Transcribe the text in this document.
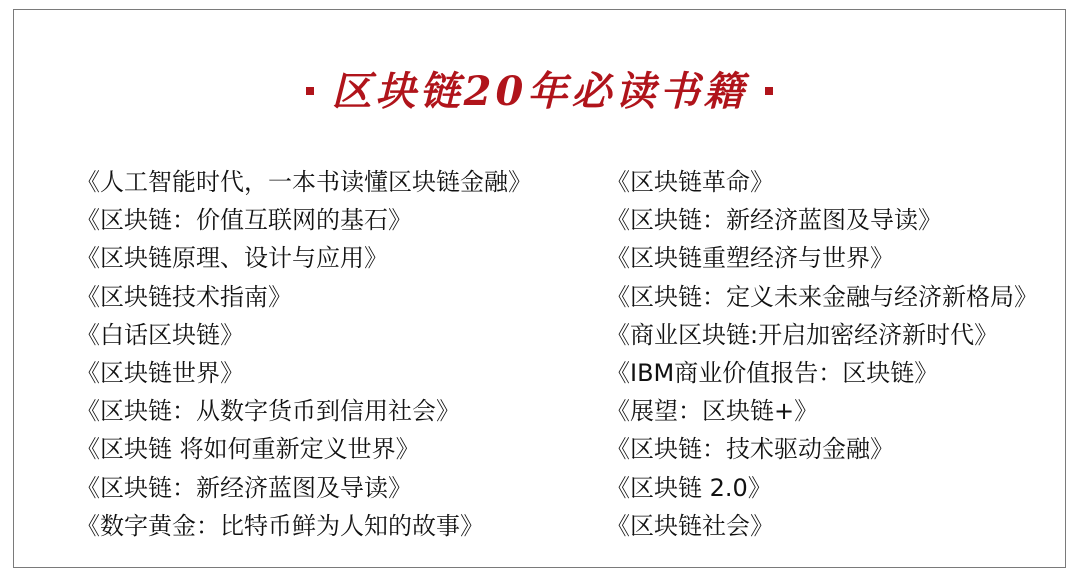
区块链20年必读书籍
《人工智能时代，一本书读懂区块链金融》
《区块链：价值互联网的基石》
《区块链原理、设计与应用》
《区块链技术指南》
《白话区块链》
《区块链世界》
《区块链：从数字货币到信用社会》
《区块链 将如何重新定义世界》
《区块链：新经济蓝图及导读》
《数字黄金：比特币鲜为人知的故事》
《区块链革命》
《区块链：新经济蓝图及导读》
《区块链重塑经济与世界》
《区块链：定义未来金融与经济新格局》
《商业区块链:开启加密经济新时代》
《IBM商业价值报告：区块链》
《展望：区块链+》
《区块链：技术驱动金融》
《区块链 2.0》
《区块链社会》
